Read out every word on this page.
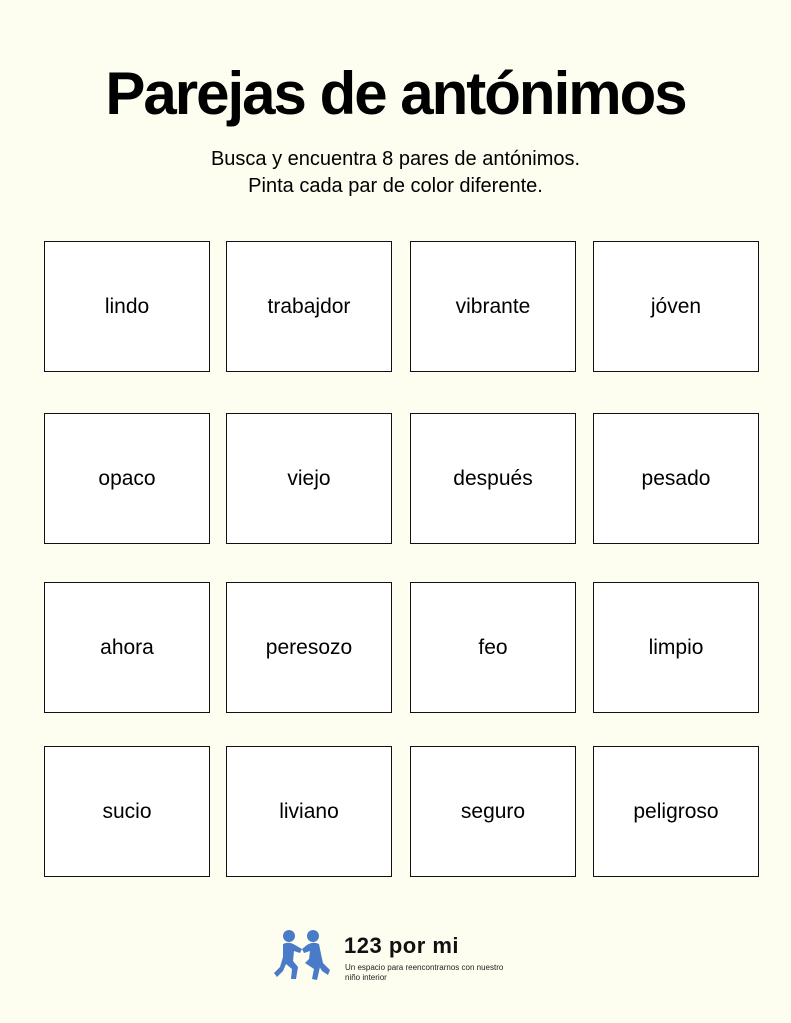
Parejas de antónimos
Busca y encuentra 8 pares de antónimos.
Pinta cada par de color diferente.
lindo	trabajdor	vibrante	jóven
opaco	viejo	después	pesado
ahora	peresozo	feo	limpio
sucio	liviano	seguro	peligroso
123 por mi
Un espacio para reencontrarnos con nuestro niño interior
